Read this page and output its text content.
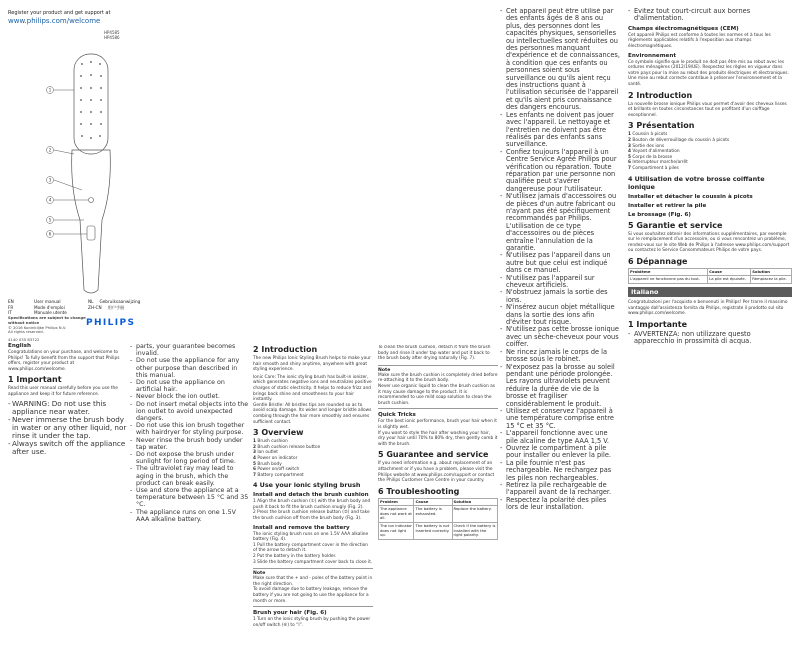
Register your product and get support at
www.philips.com/welcome
HP4585
HP4586
1
2
3
4
5
6
EN	User manual	NL Gebruiksaanwijzing
FR	Mode d'emploi	ZH-CN 用户手册
IT	Manuale utente
PHILIPS
Specifications are subject to change without notice
© 2016 Koninklijke Philips N.V.
All rights reserved.
4140 035 83722
English
Congratulations on your purchase, and welcome to Philips! To fully benefit from the support that Philips offers, register your product at www.philips.com/welcome.
1 Important
Read this user manual carefully before you use the appliance and keep it for future reference.
- WARNING: Do not use this appliance near water.
- Never immerse the brush body in water or any other liquid, nor rinse it under the tap.
- Always switch off the appliance after use.
- parts, your guarantee becomes invalid.
- Do not use the appliance for any other purpose than described in this manual.
- Do not use the appliance on artificial hair.
- Never block the ion outlet.
- Do not insert metal objects into the ion outlet to avoid unexpected dangers.
- Do not use this ion brush together with hairdryer for styling purpose.
- Never rinse the brush body under tap water.
- Do not expose the brush under sunlight for long period of time.
- The ultraviolet ray may lead to aging in the brush, which the product can break easily.
- Use and store the appliance at a temperature between 15 °C and 35 °C.
- The appliance runs on one 1.5V AAA alkaline battery.
2 Introduction
The new Philips Ionic Styling Brush helps to make your hair smooth and shiny anytime, anywhere with great styling experience.
Ionic Care: The ionic styling brush has built-in ionizer, which generates negative ions and neutralizes positive charges of static electricity. It helps to reduce frizz and brings back shine and smoothness to your hair instantly.
Gentle Bristle: All bristles tips are rounded so as to avoid scalp damage. Its wider and longer bristle allows combing through the hair more smoothly and ensures sufficient contact.
3 Overview
1 Brush cushion
2 Brush cushion release button
3 Ion outlet
4 Power on indicator
5 Brush body
6 Power on/off switch
7 Battery compartment
4 Use your ionic styling brush
Install and detach the brush cushion
1 Align the brush cushion (①) with the brush body and push it back to fit the brush cushion snugly (Fig. 2).
2 Press the brush cushion release button (②) and take the brush cushion off from the brush body (Fig. 3).
Install and remove the battery
The ionic styling brush runs on one 1.5V AAA alkaline battery (Fig. 4).
1 Pull the battery compartment cover in the direction of the arrow to detach it.
2 Put the battery in the battery holder.
3 Slide the battery compartment cover back to close it.
Note
Make sure that the + and - poles of the battery point in the right direction.
To avoid damage due to battery leakage, remove the battery if you are not going to use the appliance for a month or more.
Brush your hair (Fig. 6)
1 Turn on the ionic styling brush by pushing the power on/off switch (⑥) to “I”.
To clean the brush cushion, detach it from the brush body and rinse it under tap water and put it back to the brush body after drying naturally (Fig. 7).
Note
Make sure the brush cushion is completely dried before re-attaching it to the brush body.
Never use organic liquid to clean the brush cushion as it may cause damage to the product. It is recommended to use mild soap solution to clean the brush cushion.
Quick Tricks
For the best ionic performance, brush your hair when it is slightly wet.
If you want to style the hair after washing your hair, dry your hair until 70% to 80% dry, then gently comb it with the brush.
5 Guarantee and service
If you need information e.g. about replacement of an attachment or if you have a problem, please visit the Philips website at www.philips.com/support or contact the Philips Customer Care Centre in your country.
6 Troubleshooting
Problem	Cause	Solution
The appliance does not work at all.	The battery is exhausted.	Replace the battery.
The ion indicator does not light up.	The battery is not inserted correctly.	Check if the battery is installed with the right polarity.
- Cet appareil peut être utilisé par des enfants âgés de 8 ans ou plus, des personnes dont les capacités physiques, sensorielles ou intellectuelles sont réduites ou des personnes manquant d'expérience et de connaissances, à condition que ces enfants ou personnes soient sous surveillance ou qu'ils aient reçu des instructions quant à l'utilisation sécurisée de l'appareil et qu'ils aient pris connaissance des dangers encourus.
- Les enfants ne doivent pas jouer avec l'appareil. Le nettoyage et l'entretien ne doivent pas être réalisés par des enfants sans surveillance.
- Confiez toujours l'appareil à un Centre Service Agréé Philips pour vérification ou réparation. Toute réparation par une personne non qualifiée peut s'avérer dangereuse pour l'utilisateur.
- N'utilisez jamais d'accessoires ou de pièces d'un autre fabricant ou n'ayant pas été spécifiquement recommandés par Philips. L'utilisation de ce type d'accessoires ou de pièces entraîne l'annulation de la garantie.
- N'utilisez pas l'appareil dans un autre but que celui est indiqué dans ce manuel.
- N'utilisez pas l'appareil sur cheveux artificiels.
- N'obstruez jamais la sortie des ions.
- N'insérez aucun objet métallique dans la sortie des ions afin d'éviter tout risque.
- N'utilisez pas cette brosse ionique avec un sèche-cheveux pour vous coiffer.
- Ne rincez jamais le corps de la brosse sous le robinet.
- N'exposez pas la brosse au soleil pendant une période prolongée. Les rayons ultraviolets peuvent réduire la durée de vie de la brosse et fragiliser considérablement le produit.
- Utilisez et conservez l'appareil à une température comprise entre 15 °C et 35 °C.
- L'appareil fonctionne avec une pile alcaline de type AAA 1,5 V.
- Ouvrez le compartiment à pile pour installer ou enlever la pile.
- La pile fournie n'est pas rechargeable. Ne rechargez pas les piles non rechargeables.
- Retirez la pile rechargeable de l'appareil avant de la recharger.
- Respectez la polarité des piles lors de leur installation.
- Évitez tout court-circuit aux bornes d'alimentation.
Champs électromagnétiques (CEM)
Cet appareil Philips est conforme à toutes les normes et à tous les règlements applicables relatifs à l'exposition aux champs électromagnétiques.
Environnement
Ce symbole signifie que le produit ne doit pas être mis au rebut avec les ordures ménagères (2012/19/UE). Respectez les règles en vigueur dans votre pays pour la mise au rebut des produits électriques et électroniques. Une mise au rebut correcte contribue à préserver l'environnement et la santé.
2 Introduction
La nouvelle brosse ionique Philips vous permet d'avoir des cheveux lisses et brillants en toutes circonstances tout en profitant d'un coiffage exceptionnel.
3 Présentation
1 Coussin à picots
2 Bouton de déverrouillage du coussin à picots
3 Sortie des ions
4 Voyant d'alimentation
5 Corps de la brosse
6 Interrupteur marche/arrêt
7 Compartiment à piles
4 Utilisation de votre brosse coiffante ionique
Installer et détacher le coussin à picots
Installer et retirer la pile
Le brossage (Fig. 6)
5 Garantie et service
Si vous souhaitez obtenir des informations supplémentaires, par exemple sur le remplacement d'un accessoire, ou si vous rencontrez un problème, rendez-vous sur le site Web de Philips à l'adresse www.philips.com/support ou contactez le Service Consommateurs Philips de votre pays.
6 Dépannage
Problème	Cause	Solution
L'appareil ne fonctionne pas du tout.	La pile est épuisée.	Remplacez la pile.
Italiano
Congratulazioni per l'acquisto e benvenuti in Philips! Per trarre il massimo vantaggio dall'assistenza fornita da Philips, registrate il prodotto sul sito www.philips.com/welcome.
1 Importante
- AVVERTENZA: non utilizzare questo apparecchio in prossimità di acqua.
